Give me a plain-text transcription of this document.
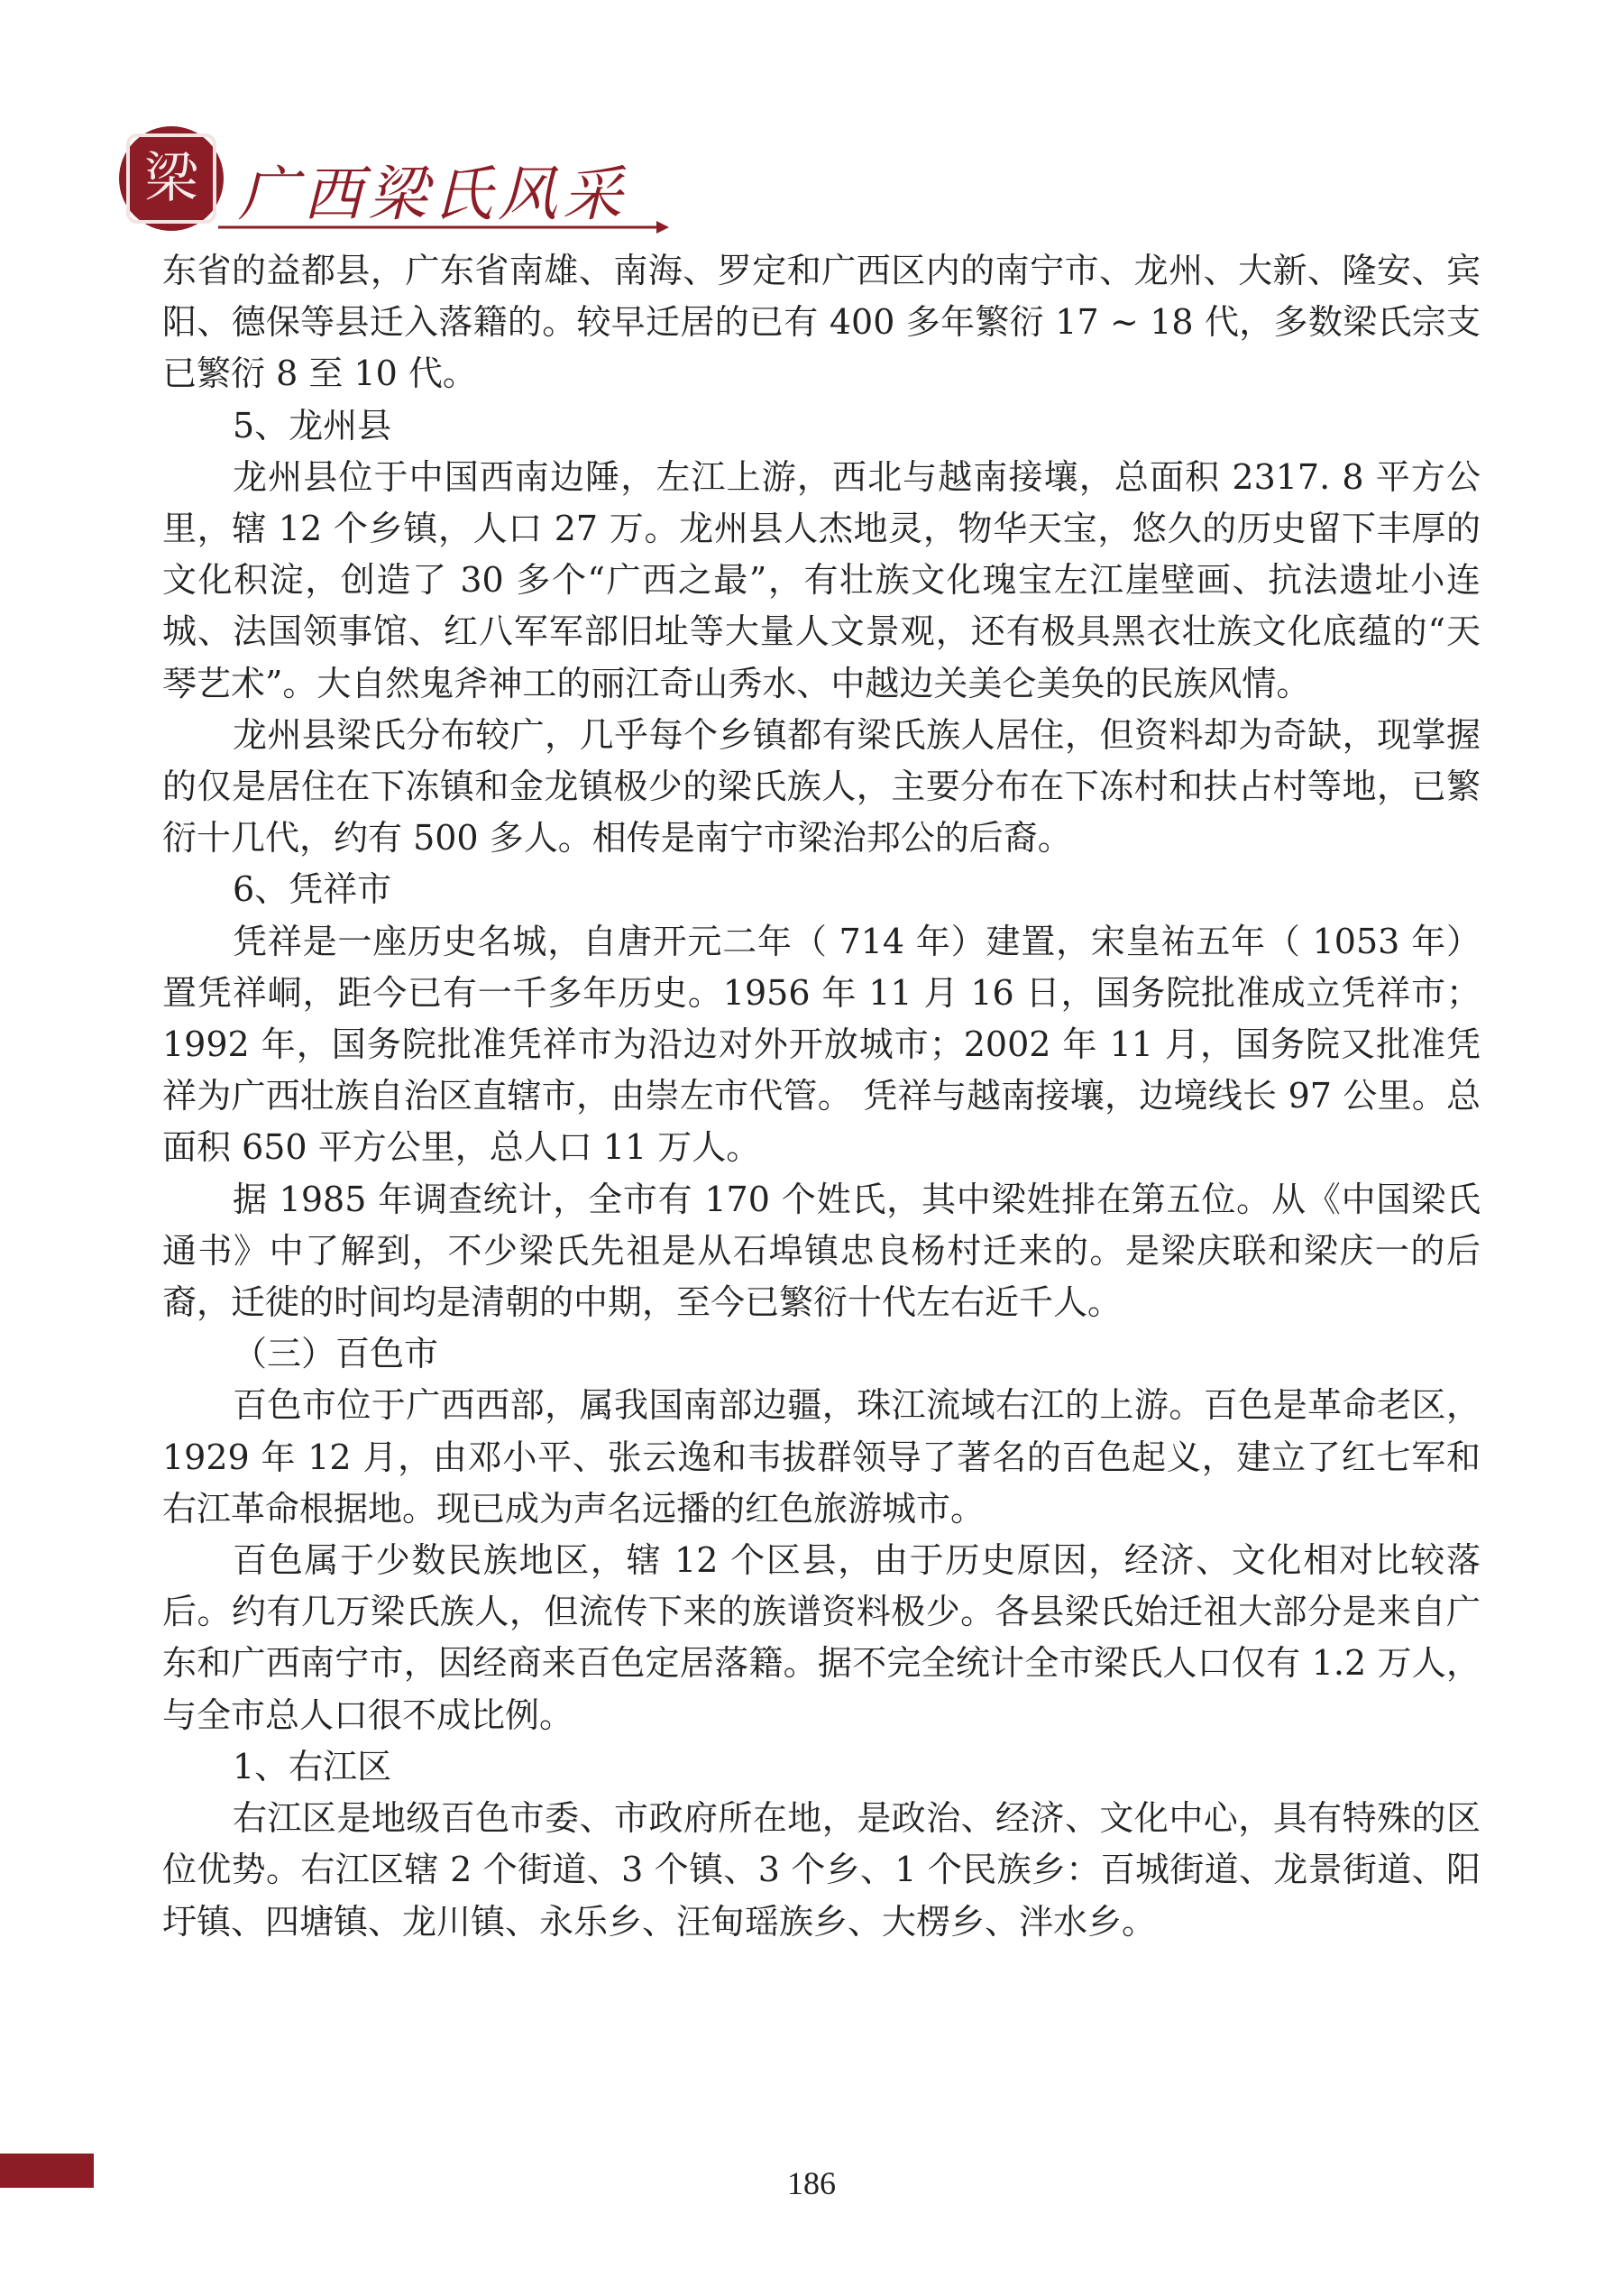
梁 广西梁氏风采

东省的益都县，广东省南雄、南海、罗定和广西区内的南宁市、龙州、大新、隆安、宾阳、德保等县迁入落籍的。较早迁居的已有 400 多年繁衍 17 ~ 18 代，多数梁氏宗支已繁衍 8 至 10 代。

5、龙州县

龙州县位于中国西南边陲，左江上游，西北与越南接壤，总面积 2317. 8 平方公里，辖 12 个乡镇，人口 27 万。龙州县人杰地灵，物华天宝，悠久的历史留下丰厚的文化积淀，创造了 30 多个“广西之最”，有壮族文化瑰宝左江崖壁画、抗法遗址小连城、法国领事馆、红八军军部旧址等大量人文景观，还有极具黑衣壮族文化底蕴的“天琴艺术”。大自然鬼斧神工的丽江奇山秀水、中越边关美仑美奂的民族风情。

龙州县梁氏分布较广，几乎每个乡镇都有梁氏族人居住，但资料却为奇缺，现掌握的仅是居住在下冻镇和金龙镇极少的梁氏族人，主要分布在下冻村和扶占村等地，已繁衍十几代，约有 500 多人。相传是南宁市梁治邦公的后裔。

6、凭祥市

凭祥是一座历史名城，自唐开元二年（ 714 年）建置，宋皇祐五年（ 1053 年）置凭祥峒，距今已有一千多年历史。1956 年 11 月 16 日，国务院批准成立凭祥市；1992 年，国务院批准凭祥市为沿边对外开放城市；2002 年 11 月，国务院又批准凭祥为广西壮族自治区直辖市，由崇左市代管。 凭祥与越南接壤，边境线长 97 公里。总面积 650 平方公里，总人口 11 万人。

据 1985 年调查统计，全市有 170 个姓氏，其中梁姓排在第五位。从《中国梁氏通书》中了解到，不少梁氏先祖是从石埠镇忠良杨村迁来的。是梁庆联和梁庆一的后裔，迁徙的时间均是清朝的中期，至今已繁衍十代左右近千人。

（三）百色市

百色市位于广西西部，属我国南部边疆，珠江流域右江的上游。百色是革命老区，1929 年 12 月，由邓小平、张云逸和韦拔群领导了著名的百色起义，建立了红七军和右江革命根据地。现已成为声名远播的红色旅游城市。

百色属于少数民族地区，辖 12 个区县，由于历史原因，经济、文化相对比较落后。约有几万梁氏族人，但流传下来的族谱资料极少。各县梁氏始迁祖大部分是来自广东和广西南宁市，因经商来百色定居落籍。据不完全统计全市梁氏人口仅有 1.2 万人，与全市总人口很不成比例。

1、右江区

右江区是地级百色市委、市政府所在地，是政治、经济、文化中心，具有特殊的区位优势。右江区辖 2 个街道、3 个镇、3 个乡、1 个民族乡：百城街道、龙景街道、阳圩镇、四塘镇、龙川镇、永乐乡、汪甸瑶族乡、大楞乡、泮水乡。

186
